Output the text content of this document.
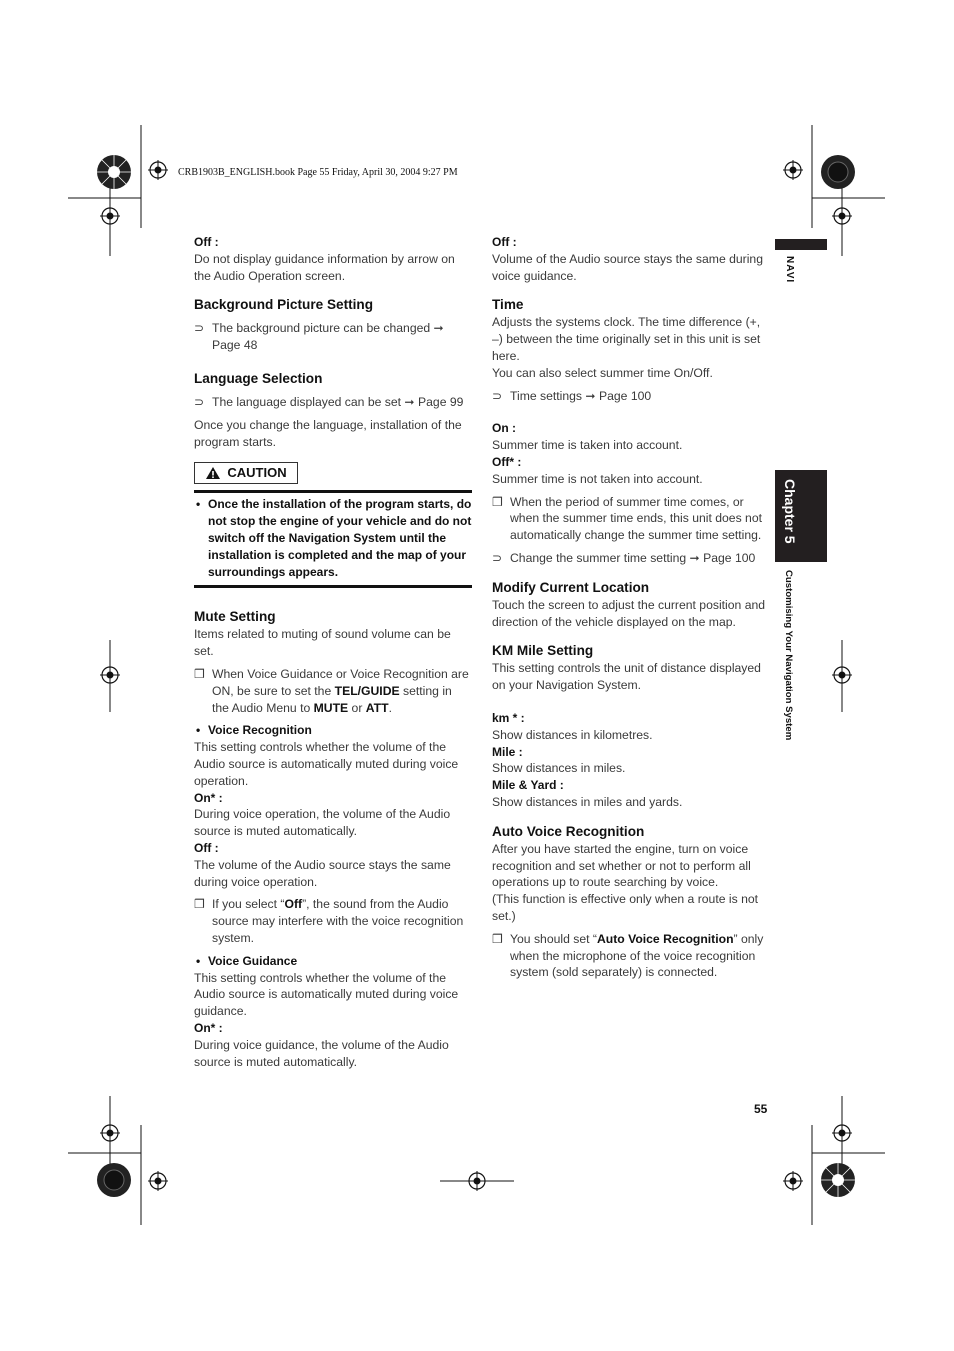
CRB1903B_ENGLISH.book Page 55 Friday, April 30, 2004 9:27 PM
NAVI
Chapter 5
Customising Your Navigation System
55

Off :

Do not display guidance information by arrow on the Audio Operation screen.

Background Picture Setting

⊃ The background picture can be changed ➞ Page 48

Language Selection

⊃ The language displayed can be set ➞ Page 99

Once you change the language, installation of the program starts.

CAUTION
• Once the installation of the program starts, do not stop the engine of your vehicle and do not switch off the Navigation System until the installation is completed and the map of your surroundings appears.

Mute Setting

Items related to muting of sound volume can be set.

❒ When Voice Guidance or Voice Recognition are ON, be sure to set the TEL/GUIDE setting in the Audio Menu to MUTE or ATT.
• Voice Recognition

This setting controls whether the volume of the Audio source is automatically muted during voice operation.

On* :

During voice operation, the volume of the Audio source is muted automatically.

Off :

The volume of the Audio source stays the same during voice operation.

❒ If you select “Off”, the sound from the Audio source may interfere with the voice recognition system.
• Voice Guidance

This setting controls whether the volume of the Audio source is automatically muted during voice guidance.

On* :

During voice guidance, the volume of the Audio source is muted automatically.

Off :

Volume of the Audio source stays the same during voice guidance.

Time

Adjusts the systems clock. The time difference (+, –) between the time originally set in this unit is set here.

You can also select summer time On/Off.

⊃ Time settings ➞ Page 100

On :

Summer time is taken into account.

Off* :

Summer time is not taken into account.

❒ When the period of summer time comes, or when the summer time ends, this unit does not automatically change the summer time setting.
⊃ Change the summer time setting ➞ Page 100

Modify Current Location

Touch the screen to adjust the current position and direction of the vehicle displayed on the map.

KM Mile Setting

This setting controls the unit of distance displayed on your Navigation System.

km * :

Show distances in kilometres.

Mile :

Show distances in miles.

Mile & Yard :

Show distances in miles and yards.

Auto Voice Recognition

After you have started the engine, turn on voice recognition and set whether or not to perform all operations up to route searching by voice.

(This function is effective only when a route is not set.)

❒ You should set “Auto Voice Recognition” only when the microphone of the voice recognition system (sold separately) is connected.
